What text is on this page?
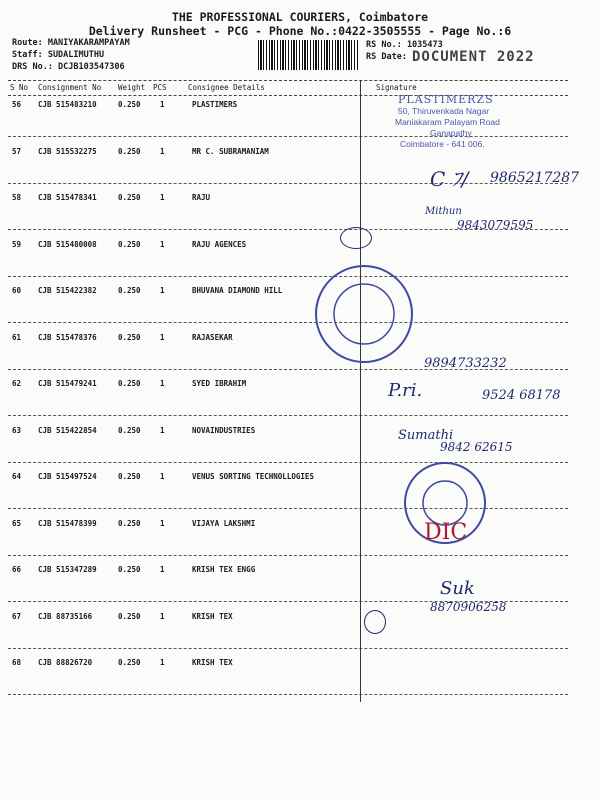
THE PROFESSIONAL COURIERS, Coimbatore
Delivery Runsheet - PCG - Phone No.:0422-3505555 - Page No.:6
Route: MANIYAKARAMPAYAM
Staff: SUDALIMUTHU
DRS No.: DCJB103547306
RS No.: 1035473
RS Date: DOCUMENT 2022
S No Consignment No Weight PCS	Consignee Details	Signature
56 CJB 515483210	0.250	1	PLASTIMERS
57 CJB 515532275	0.250	1	MR C. SUBRAMANIAM
58 CJB 515478341	0.250	1	RAJU
59 CJB 515480008	0.250	1	RAJU AGENCES
60 CJB 515422382	0.250	1	BHUVANA DIAMOND HILL
61 CJB 515478376	0.250	1	RAJASEKAR
62 CJB 515479241	0.250	1	SYED IBRAHIM
63 CJB 515422854	0.250	1	NOVAINDUSTRIES
64 CJB 515497524	0.250	1	VENUS SORTING TECHNOLLOGIES
65 CJB 515478399	0.250	1	VIJAYA LAKSHMI
66 CJB 515347289	0.250	1	KRISH TEX ENGG
67 CJB 88735166	0.250	1	KRISH TEX
68 CJB 88826720	0.250	1	KRISH TEX
PLASTIMERZS
50, Thiruvenkada Nagar
Maniakaram Palayam Road
Ganapathy
Coimbatore - 641 006.
C ﾌ/ 9865217287
Mithun
9843079595
9894733232
P.ri.	9524 68178
Sumathi
9842 62615
DIC
Suk
8870906258
